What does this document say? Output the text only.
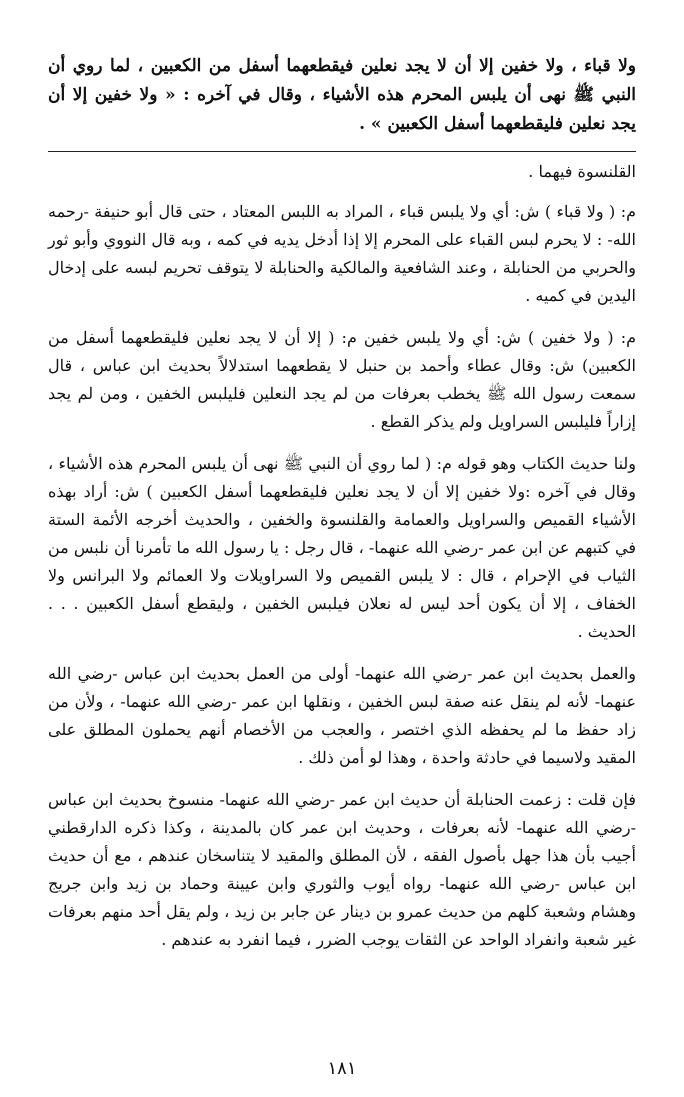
ولا قباء ، ولا خفين إلا أن لا يجد نعلين فيقطعهما أسفل من الكعبين ، لما روي أن النبي ﷺ نهى أن يلبس المحرم هذه الأشياء ، وقال في آخره : « ولا خفين إلا أن يجد نعلين فليقطعهما أسفل الكعبين » .

القلنسوة فيهما .

م: ( ولا قباء ) ش: أي ولا يلبس قباء ، المراد به اللبس المعتاد ، حتى قال أبو حنيفة -رحمه الله- : لا يحرم لبس القباء على المحرم إلا إذا أدخل يديه في كمه ، وبه قال النووي وأبو ثور والحربي من الحنابلة ، وعند الشافعية والمالكية والحنابلة لا يتوقف تحريم لبسه على إدخال اليدين في كميه .

م: ( ولا خفين ) ش: أي ولا يلبس خفين م: ( إلا أن لا يجد نعلين فليقطعهما أسفل من الكعبين) ش: وقال عطاء وأحمد بن حنبل لا يقطعهما استدلالاً بحديث ابن عباس ، قال سمعت رسول الله ﷺ يخطب بعرفات من لم يجد النعلين فليلبس الخفين ، ومن لم يجد إزاراً فليلبس السراويل ولم يذكر القطع .

ولنا حديث الكتاب وهو قوله م: ( لما روي أن النبي ﷺ نهى أن يلبس المحرم هذه الأشياء ، وقال في آخره :ولا خفين إلا أن لا يجد نعلين فليقطعهما أسفل الكعبين ) ش: أراد بهذه الأشياء القميص والسراويل والعمامة والقلنسوة والخفين ، والحديث أخرجه الأئمة الستة في كتبهم عن ابن عمر -رضي الله عنهما- ، قال رجل : يا رسول الله ما تأمرنا أن نلبس من الثياب في الإحرام ، قال : لا يلبس القميص ولا السراويلات ولا العمائم ولا البرانس ولا الخفاف ، إلا أن يكون أحد ليس له نعلان فيلبس الخفين ، وليقطع أسفل الكعبين . . . الحديث .

والعمل بحديث ابن عمر -رضي الله عنهما- أولى من العمل بحديث ابن عباس -رضي الله عنهما- لأنه لم ينقل عنه صفة لبس الخفين ، ونقلها ابن عمر -رضي الله عنهما- ، ولأن من زاد حفظ ما لم يحفظه الذي اختصر ، والعجب من الأخصام أنهم يحملون المطلق على المقيد ولاسيما في حادثة واحدة ، وهذا لو أمن ذلك .

فإن قلت : زعمت الحنابلة أن حديث ابن عمر -رضي الله عنهما- منسوخ بحديث ابن عباس -رضي الله عنهما- لأنه بعرفات ، وحديث ابن عمر كان بالمدينة ، وكذا ذكره الدارقطني أجيب بأن هذا جهل بأصول الفقه ، لأن المطلق والمقيد لا يتناسخان عندهم ، مع أن حديث ابن عباس -رضي الله عنهما- رواه أيوب والثوري وابن عيينة وحماد بن زيد وابن جريج وهشام وشعبة كلهم من حديث عمرو بن دينار عن جابر بن زيد ، ولم يقل أحد منهم بعرفات غير شعبة وانفراد الواحد عن الثقات يوجب الضرر ، فيما انفرد به عندهم .

١٨١
